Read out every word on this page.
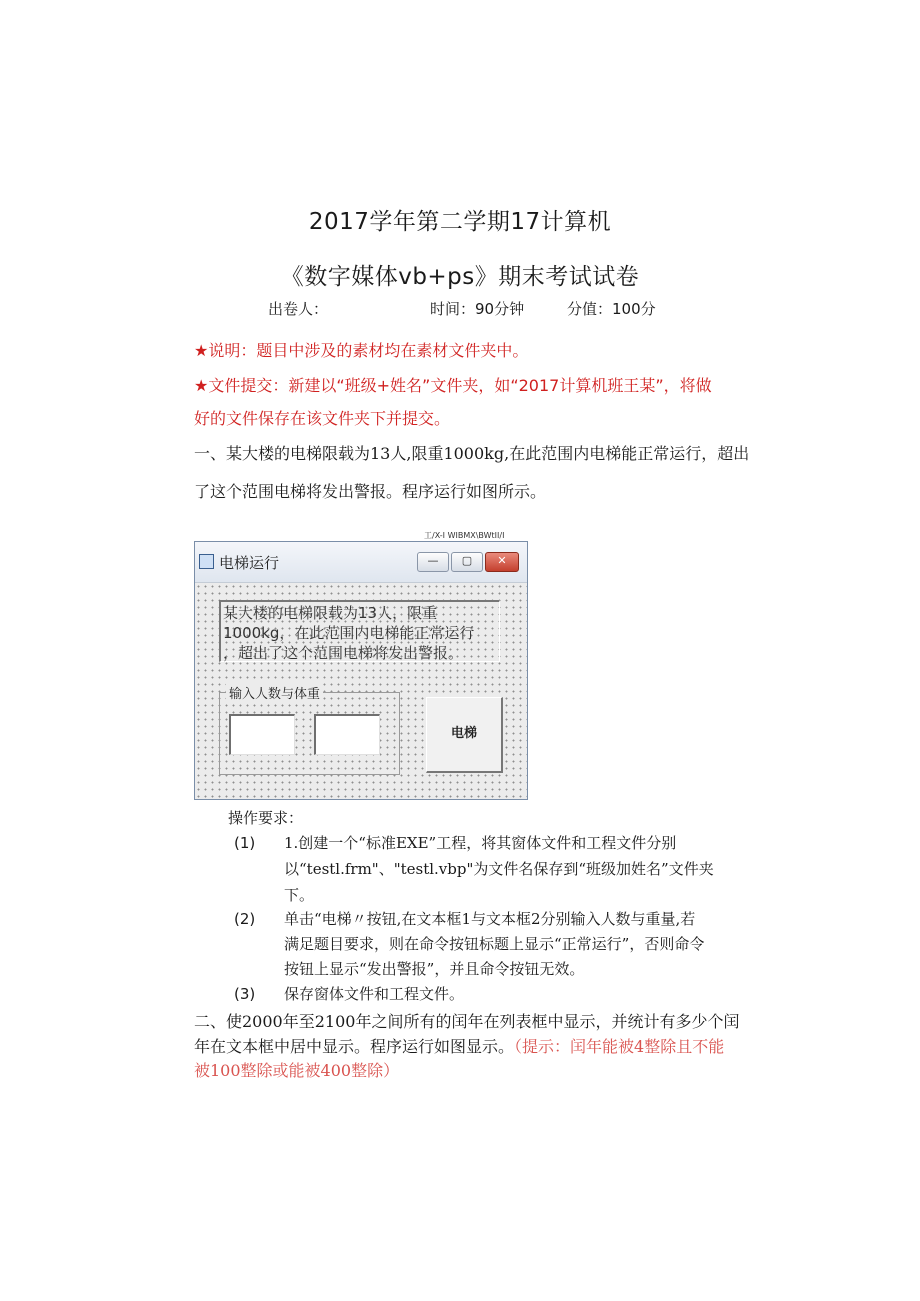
2017学年第二学期17计算机
《数字媒体vb+ps》期末考试试卷
出卷人：	时间：90分钟	分值：100分
★说明：题目中涉及的素材均在素材文件夹中。
★文件提交：新建以“班级+姓名”文件夹，如“2017计算机班王某”，将做
好的文件保存在该文件夹下并提交。
一、某大楼的电梯限载为13人,限重1000kg,在此范围内电梯能正常运行，超出
了这个范围电梯将发出警报。程序运行如图所示。
工/X-I WIBMX\BWtII/Ⅰ
电梯运行	—	▢	✕
某大楼的电梯限载为13人，限重
1000kg，在此范围内电梯能正常运行
，超出了这个范围电梯将发出警报。
输入人数与体重
电梯
操作要求：
(1) 1.创建一个“标准EXE”工程，将其窗体文件和工程文件分别
以“testl.frm"、"testl.vbp"为文件名保存到“班级加姓名”文件夹
下。
(2) 单击“电梯〃按钮,在文本框1与文本框2分别输入人数与重量,若
满足题目要求，则在命令按钮标题上显示“正常运行”，否则命令
按钮上显示“发出警报”，并且命令按钮无效。
(3) 保存窗体文件和工程文件。
二、使2000年至2100年之间所有的闰年在列表框中显示，并统计有多少个闰
年在文本框中居中显示。程序运行如图显示。（提示：闰年能被4整除且不能
被100整除或能被400整除）
